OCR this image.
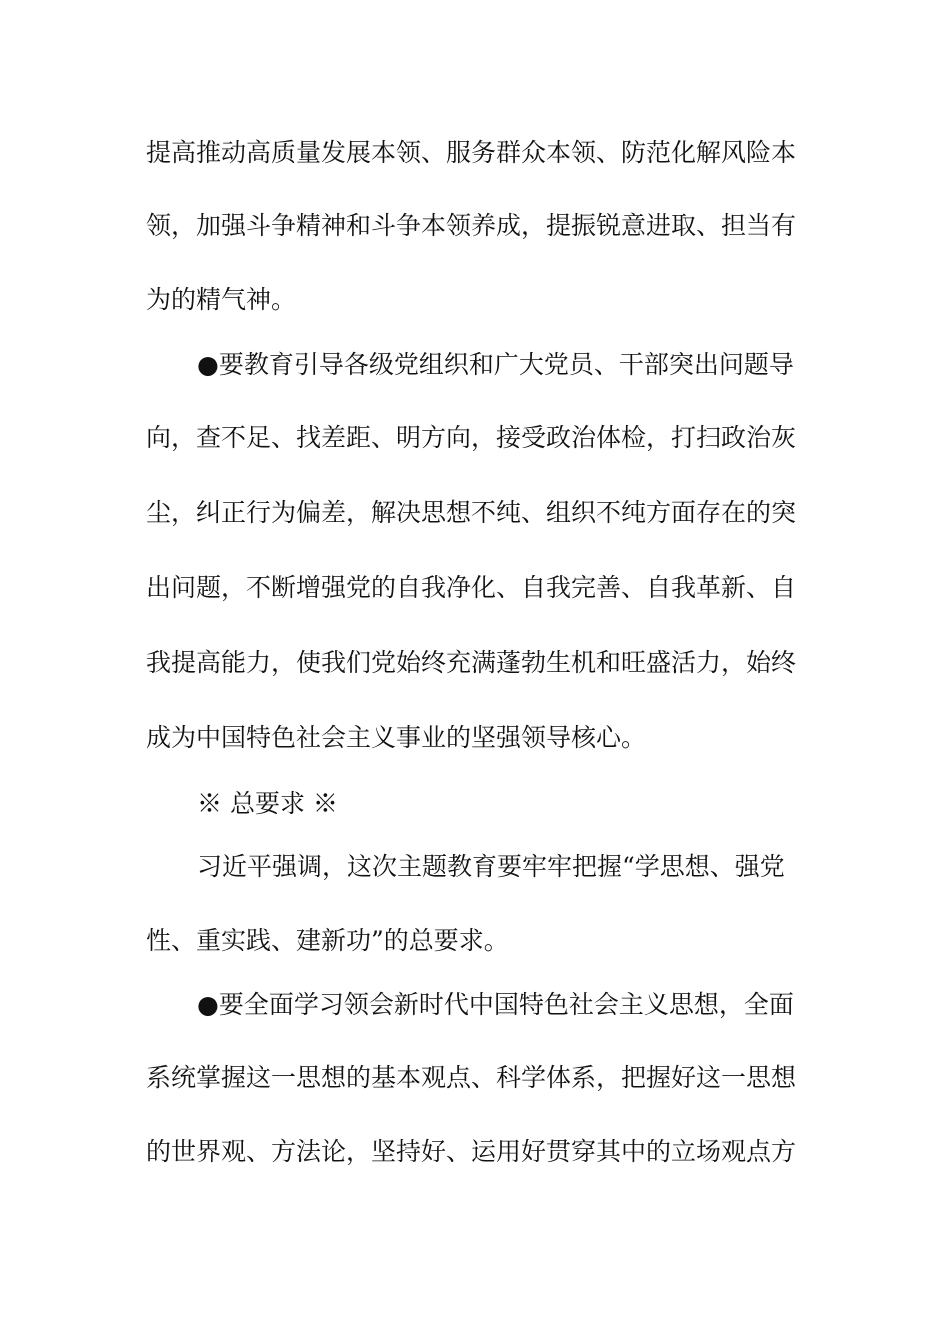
提高推动高质量发展本领、服务群众本领、防范化解风险本
领，加强斗争精神和斗争本领养成，提振锐意进取、担当有
为的精气神。
●要教育引导各级党组织和广大党员、干部突出问题导
向，查不足、找差距、明方向，接受政治体检，打扫政治灰
尘，纠正行为偏差，解决思想不纯、组织不纯方面存在的突
出问题，不断增强党的自我净化、自我完善、自我革新、自
我提高能力，使我们党始终充满蓬勃生机和旺盛活力，始终
成为中国特色社会主义事业的坚强领导核心。
※ 总要求 ※
习近平强调，这次主题教育要牢牢把握“学思想、强党
性、重实践、建新功”的总要求。
●要全面学习领会新时代中国特色社会主义思想，全面
系统掌握这一思想的基本观点、科学体系，把握好这一思想
的世界观、方法论，坚持好、运用好贯穿其中的立场观点方
